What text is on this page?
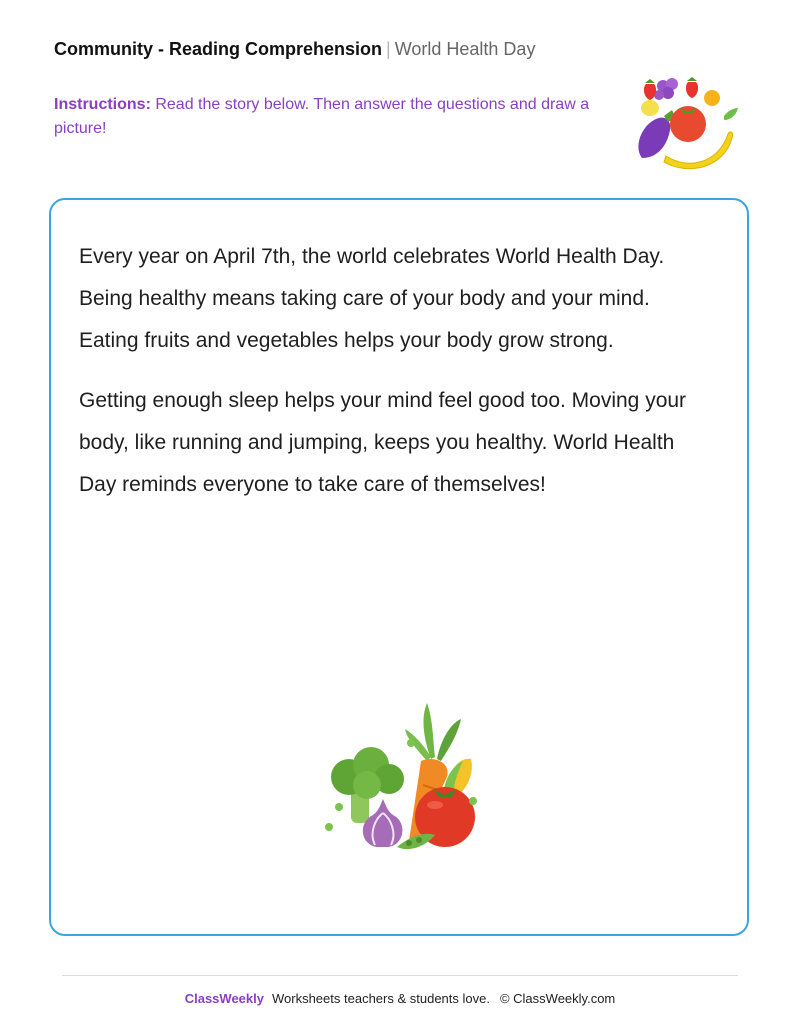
Community - Reading Comprehension | World Health Day
Instructions: Read the story below. Then answer the questions and draw a picture!

Every year on April 7th, the world celebrates World Health Day. Being healthy means taking care of your body and your mind. Eating fruits and vegetables helps your body grow strong.

Getting enough sleep helps your mind feel good too. Moving your body, like running and jumping, keeps you healthy. World Health Day reminds everyone to take care of themselves!

ClassWeekly Worksheets teachers & students love. © ClassWeekly.com
